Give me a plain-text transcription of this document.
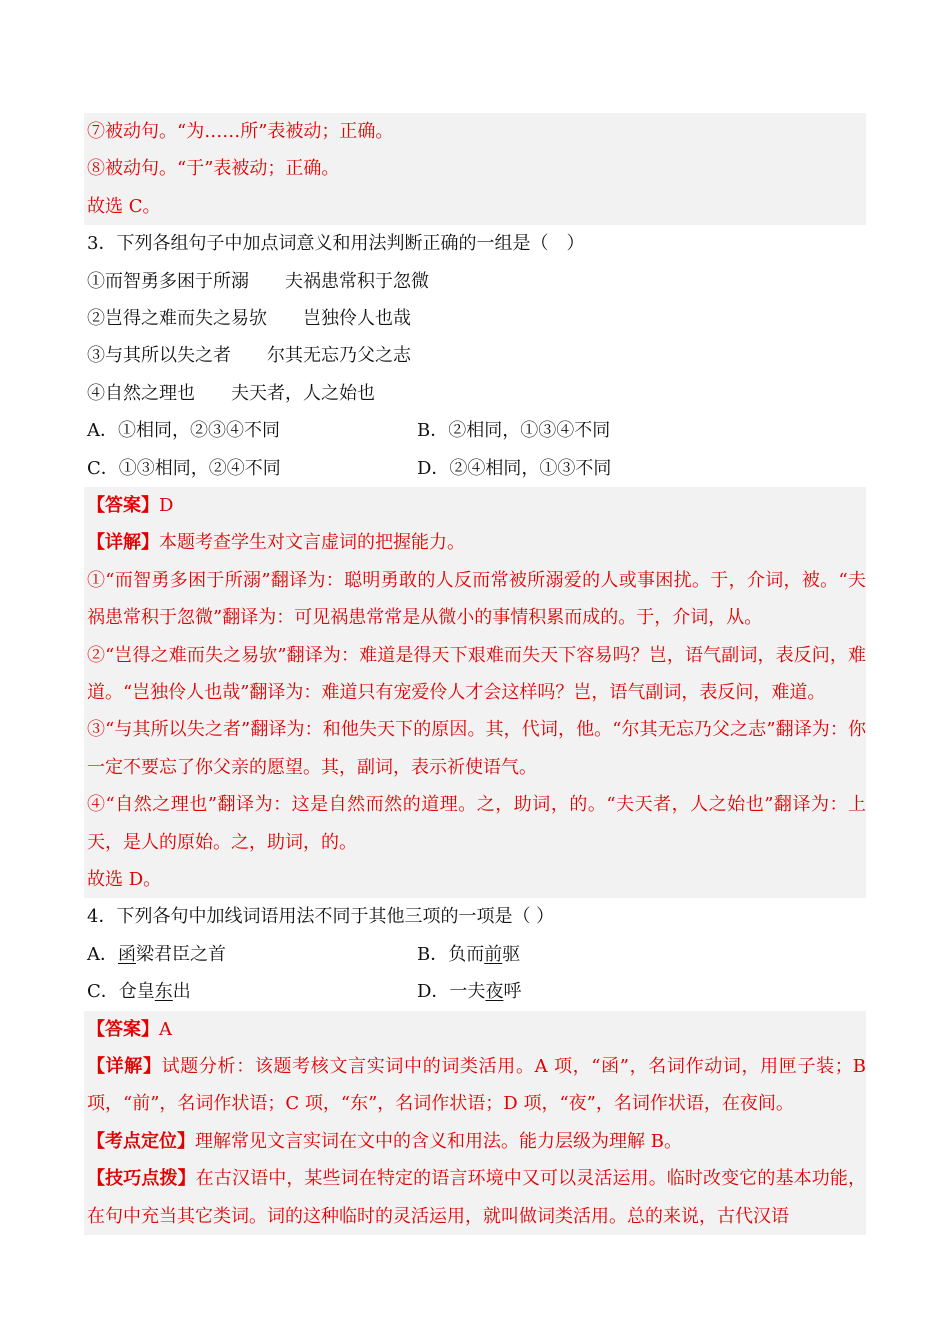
⑦被动句。“为……所”表被动；正确。
⑧被动句。“于”表被动；正确。
故选 C。
3．下列各组句子中加点词意义和用法判断正确的一组是（　）
①而智勇多困于所溺　　夫祸患常积于忽微
②岂得之难而失之易欤　　岂独伶人也哉
③与其所以失之者　　尔其无忘乃父之志
④自然之理也　　夫天者，人之始也
A．①相同，②③④不同	B．②相同，①③④不同
C．①③相同，②④不同	D．②④相同，①③不同
【答案】D
【详解】本题考查学生对文言虚词的把握能力。
①“而智勇多困于所溺”翻译为：聪明勇敢的人反而常被所溺爱的人或事困扰。于，介词，被。“夫祸患常积于忽微”翻译为：可见祸患常常是从微小的事情积累而成的。于，介词，从。
②“岂得之难而失之易欤”翻译为：难道是得天下艰难而失天下容易吗？岂，语气副词，表反问，难道。“岂独伶人也哉”翻译为：难道只有宠爱伶人才会这样吗？岂，语气副词，表反问，难道。
③“与其所以失之者”翻译为：和他失天下的原因。其，代词，他。“尔其无忘乃父之志”翻译为：你一定不要忘了你父亲的愿望。其，副词，表示祈使语气。
④“自然之理也”翻译为：这是自然而然的道理。之，助词，的。“夫天者，人之始也”翻译为：上天，是人的原始。之，助词，的。
故选 D。
4．下列各句中加线词语用法不同于其他三项的一项是（ ）
A．函梁君臣之首	B．负而前驱
C．仓皇东出	D．一夫夜呼
【答案】A
【详解】试题分析：该题考核文言实词中的词类活用。A 项，“函”，名词作动词，用匣子装；B 项，“前”，名词作状语；C 项，“东”，名词作状语；D 项，“夜”，名词作状语，在夜间。
【考点定位】理解常见文言实词在文中的含义和用法。能力层级为理解 B。
【技巧点拨】在古汉语中，某些词在特定的语言环境中又可以灵活运用。临时改变它的基本功能，在句中充当其它类词。词的这种临时的灵活运用，就叫做词类活用。总的来说，古代汉语
